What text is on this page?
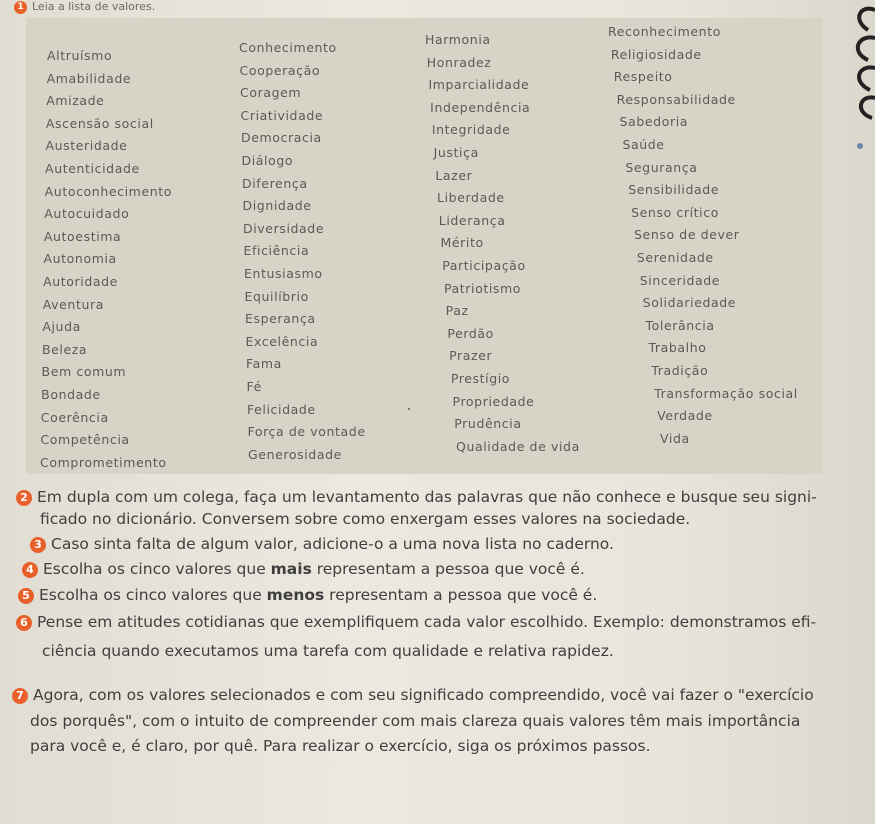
1 Leia a lista de valores.
Altruísmo
Amabilidade
Amizade
Ascensão social
Austeridade
Autenticidade
Autoconhecimento
Autocuidado
Autoestima
Autonomia
Autoridade
Aventura
Ajuda
Beleza
Bem comum
Bondade
Coerência
Competência
Comprometimento
Conhecimento
Cooperação
Coragem
Criatividade
Democracia
Diálogo
Diferença
Dignidade
Diversidade
Eficiência
Entusiasmo
Equilíbrio
Esperança
Excelência
Fama
Fé
Felicidade
Força de vontade
Generosidade
Harmonia
Honradez
Imparcialidade
Independência
Integridade
Justiça
Lazer
Liberdade
Liderança
Mérito
Participação
Patriotismo
Paz
Perdão
Prazer
Prestígio
Propriedade
Prudência
Qualidade de vida
Reconhecimento
Religiosidade
Respeito
Responsabilidade
Sabedoria
Saúde
Segurança
Sensibilidade
Senso crítico
Senso de dever
Serenidade
Sinceridade
Solidariedade
Tolerância
Trabalho
Tradição
Transformação social
Verdade
Vida
2 Em dupla com um colega, faça um levantamento das palavras que não conhece e busque seu signi-
ficado no dicionário. Conversem sobre como enxergam esses valores na sociedade.
3 Caso sinta falta de algum valor, adicione-o a uma nova lista no caderno.
4 Escolha os cinco valores que mais representam a pessoa que você é.
5 Escolha os cinco valores que menos representam a pessoa que você é.
6 Pense em atitudes cotidianas que exemplifiquem cada valor escolhido. Exemplo: demonstramos efi-
ciência quando executamos uma tarefa com qualidade e relativa rapidez.
7 Agora, com os valores selecionados e com seu significado compreendido, você vai fazer o "exercício
dos porquês", com o intuito de compreender com mais clareza quais valores têm mais importância
para você e, é claro, por quê. Para realizar o exercício, siga os próximos passos.
